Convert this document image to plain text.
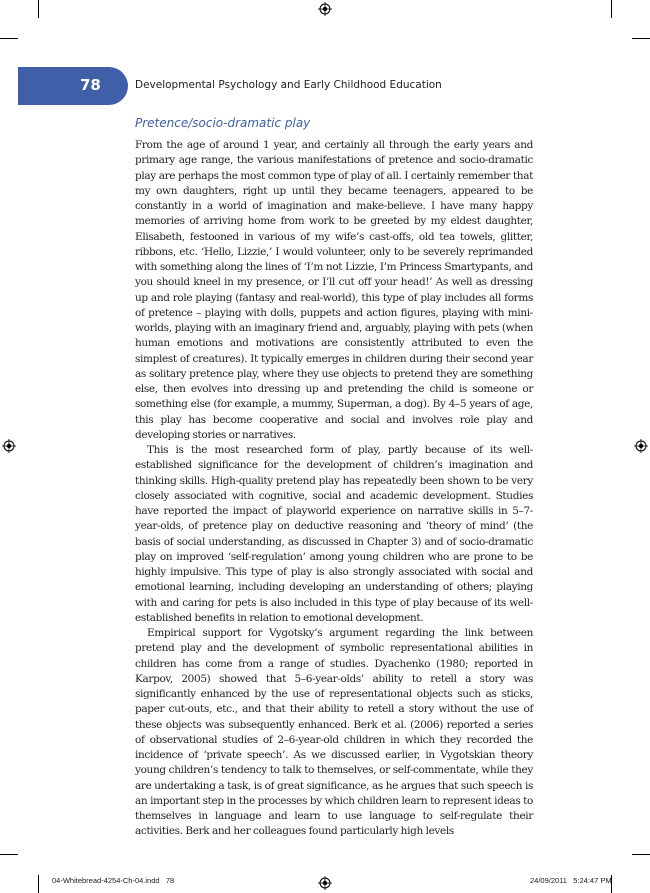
78	Developmental Psychology and Early Childhood Education
Pretence/socio-dramatic play

From the age of around 1 year, and certainly all through the early years and primary age range, the various manifestations of pretence and socio-dramatic play are perhaps the most common type of play of all. I certainly remember that my own daughters, right up until they became teenagers, appeared to be constantly in a world of imagination and make-believe. I have many happy memories of arriving home from work to be greeted by my eldest daughter, Elisabeth, festooned in various of my wife’s cast-offs, old tea towels, glitter, ribbons, etc. ‘Hello, Lizzie,’ I would volunteer, only to be severely reprimanded with something along the lines of ‘I’m not Lizzie, I’m Princess Smartypants, and you should kneel in my presence, or I’ll cut off your head!’ As well as dressing up and role playing (fantasy and real-world), this type of play includes all forms of pretence – playing with dolls, puppets and action figures, playing with mini-worlds, playing with an imaginary friend and, arguably, playing with pets (when human emotions and motivations are consistently attributed to even the simplest of creatures). It typically emerges in children during their second year as solitary pretence play, where they use objects to pretend they are something else, then evolves into dressing up and pretending the child is someone or something else (for example, a mummy, Superman, a dog). By 4–5 years of age, this play has become cooperative and social and involves role play and developing stories or narratives.

This is the most researched form of play, partly because of its well-established significance for the development of children’s imagination and thinking skills. High-quality pretend play has repeatedly been shown to be very closely associated with cognitive, social and academic development. Studies have reported the impact of playworld experience on narrative skills in 5–7-year-olds, of pretence play on deductive reasoning and ‘theory of mind’ (the basis of social understanding, as discussed in Chapter 3) and of socio-dramatic play on improved ‘self-regulation’ among young children who are prone to be highly impulsive. This type of play is also strongly associated with social and emotional learning, including developing an understanding of others; playing with and caring for pets is also included in this type of play because of its well-established benefits in relation to emotional development.

Empirical support for Vygotsky’s argument regarding the link between pretend play and the development of symbolic representational abilities in children has come from a range of studies. Dyachenko (1980; reported in Karpov, 2005) showed that 5–6-year-olds’ ability to retell a story was significantly enhanced by the use of representational objects such as sticks, paper cut-outs, etc., and that their ability to retell a story without the use of these objects was subsequently enhanced. Berk et al. (2006) reported a series of observational studies of 2–6-year-old children in which they recorded the incidence of ‘private speech’. As we discussed earlier, in Vygotskian theory young children’s tendency to talk to themselves, or self-commentate, while they are undertaking a task, is of great significance, as he argues that such speech is an important step in the processes by which children learn to represent ideas to themselves in language and learn to use language to self-regulate their activities. Berk and her colleagues found particularly high levels

04-Whitebread-4254-Ch-04.indd   78	24/09/2011   5:24:47 PM
